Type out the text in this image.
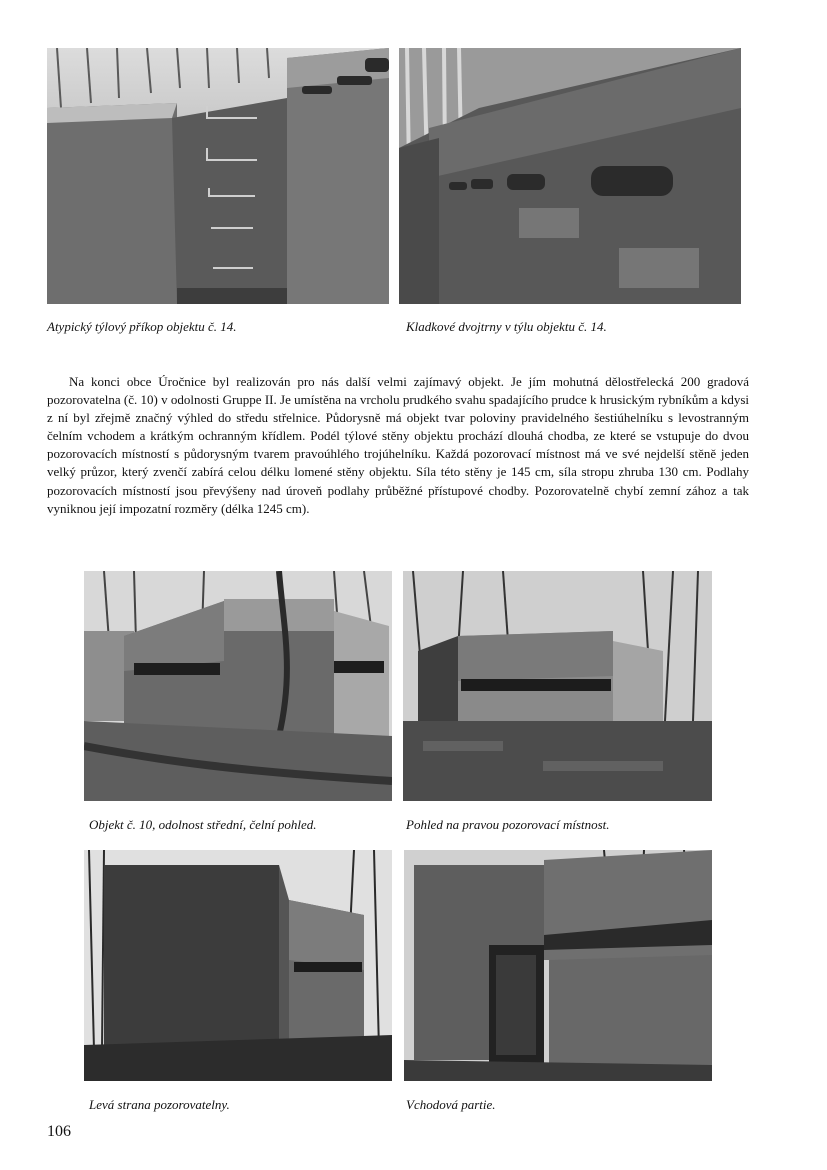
Atypický týlový příkop objektu č. 14.	Kladkové dvojtrny v týlu objektu č. 14.

Na konci obce Úročnice byl realizován pro nás další velmi zajímavý objekt. Je jím mohutná dělostřelecká 200 gradová pozorovatelna (č. 10) v odolnosti Gruppe II. Je umístěna na vrcholu prudkého svahu spadajícího prudce k hrusickým rybníkům a kdysi z ní byl zřejmě značný výhled do středu střelnice. Půdorysně má objekt tvar poloviny pravidelného šestiúhelníku s levostranným čelním vchodem a krátkým ochranným křídlem. Podél týlové stěny objektu prochází dlouhá chodba, ze které se vstupuje do dvou pozorovacích místností s půdorysným tvarem pravoúhlého trojúhelníku. Každá pozorovací místnost má ve své nejdelší stěně jeden velký průzor, který zvenčí zabírá celou délku lomené stěny objektu. Síla této stěny je 145 cm, síla stropu zhruba 130 cm. Podlahy pozorovacích místností jsou převýšeny nad úroveň podlahy průběžné přístupové chodby. Pozorovatelně chybí zemní zához a tak vyniknou její impozatní rozměry (délka 1245 cm).

Objekt č. 10, odolnost střední, čelní pohled.	Pohled na pravou pozorovací místnost.
Levá strana pozorovatelny.	Vchodová partie.
106
